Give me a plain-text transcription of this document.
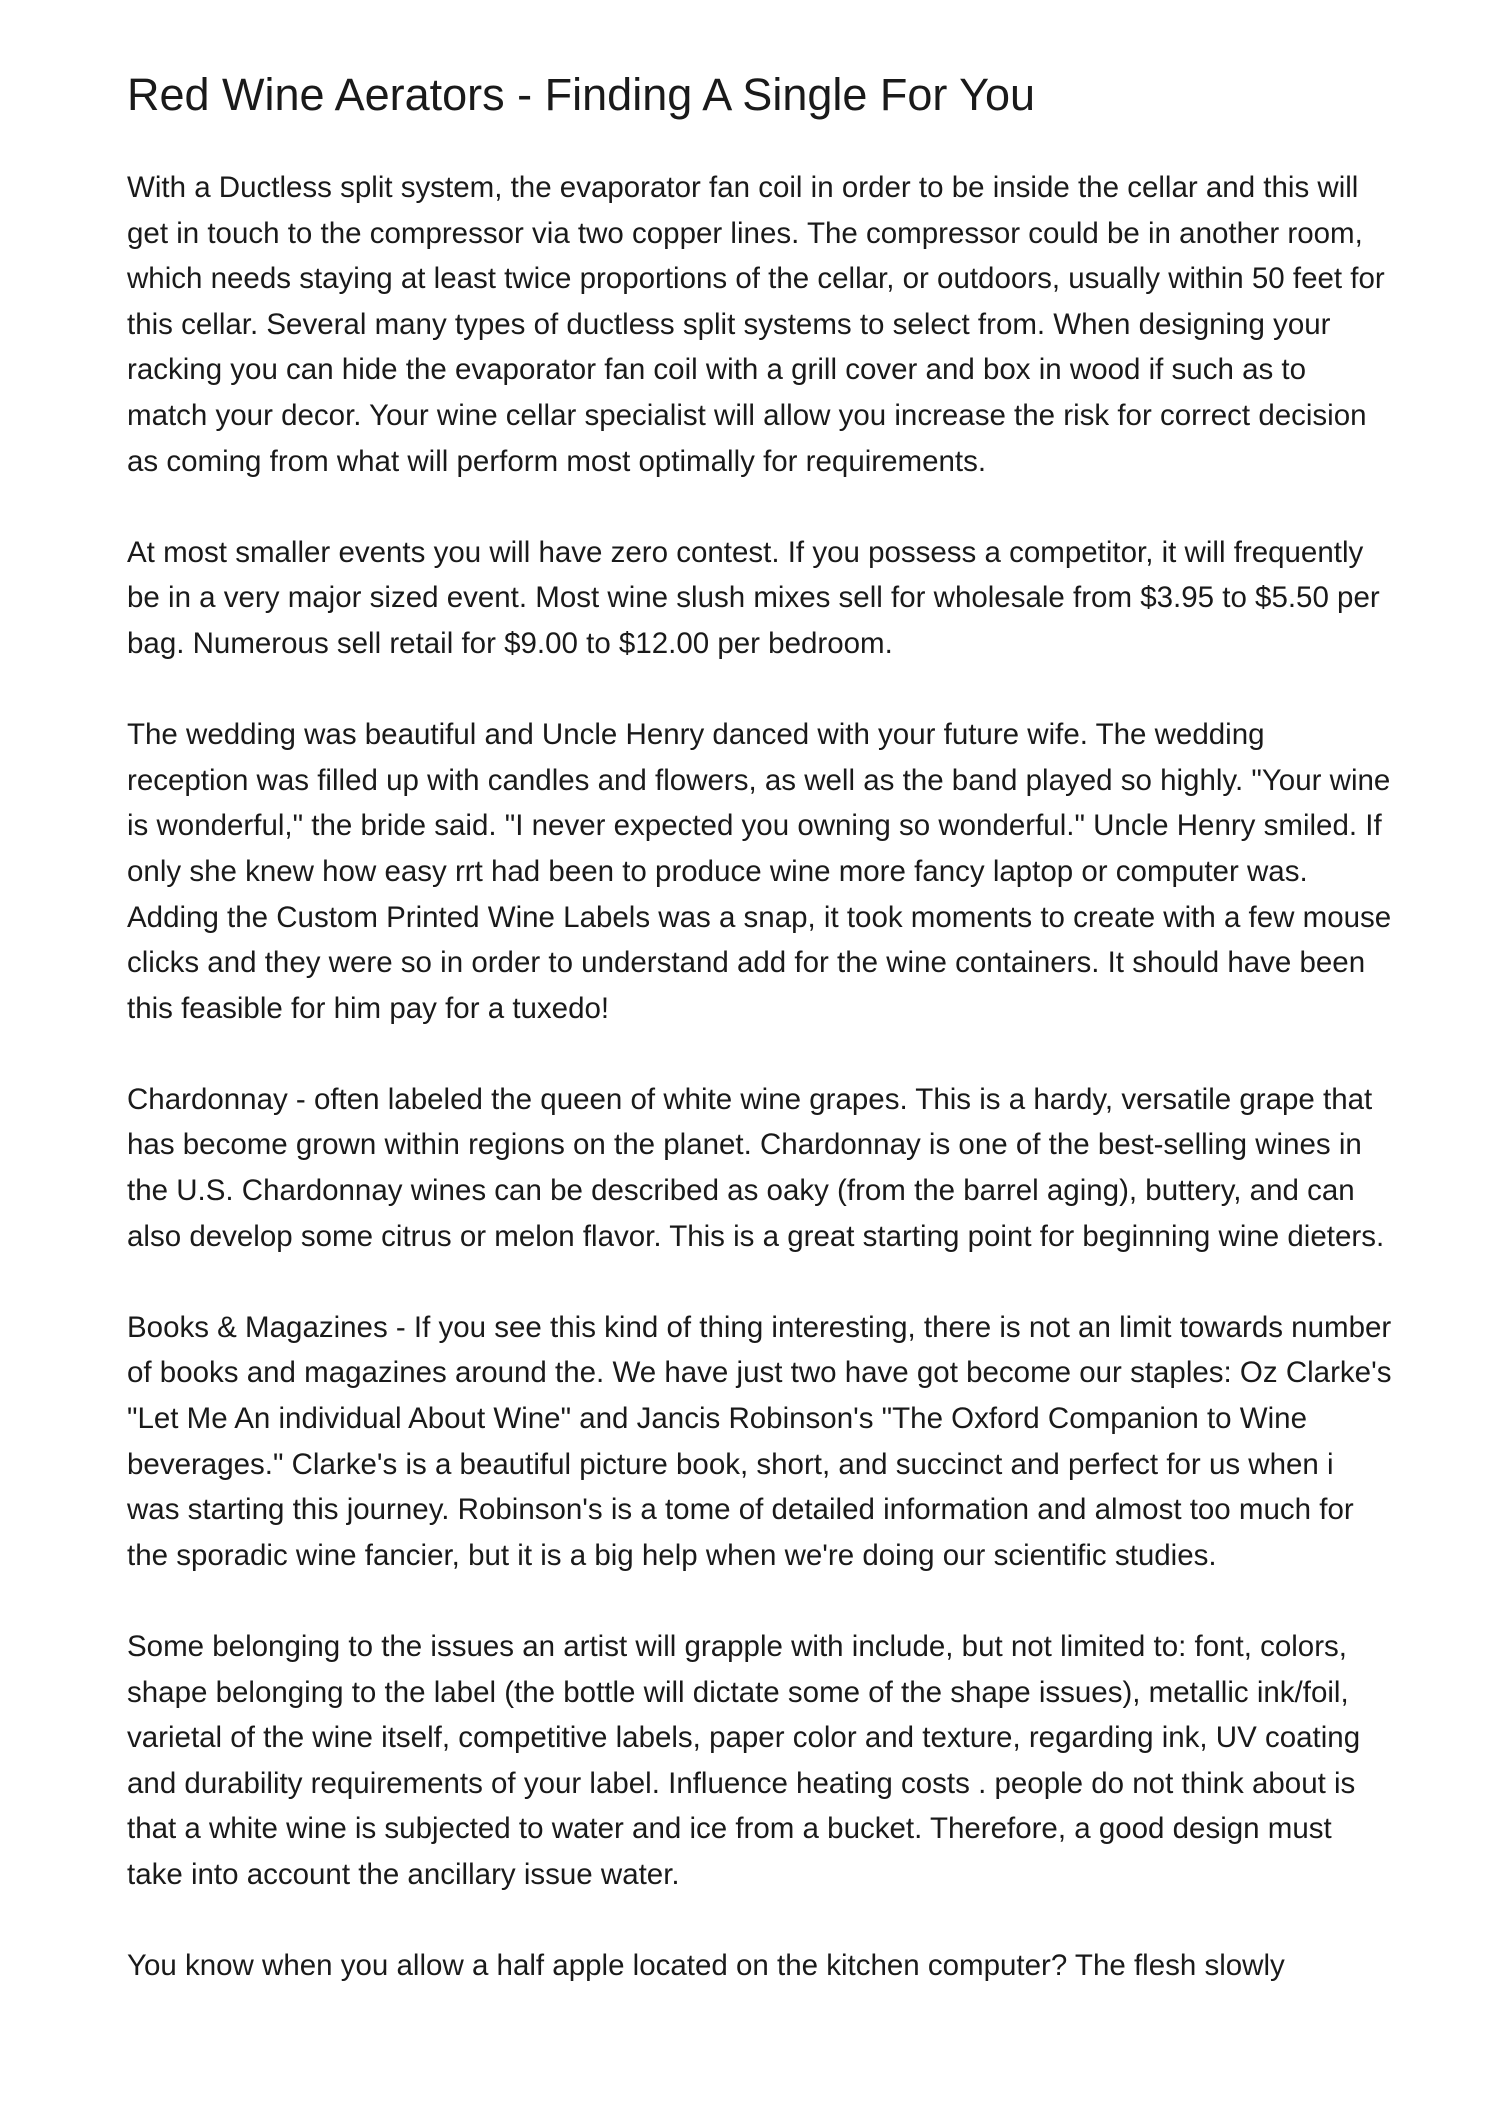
Red Wine Aerators - Finding A Single For You

With a Ductless split system, the evaporator fan coil in order to be inside the cellar and this will get in touch to the compressor via two copper lines. The compressor could be in another room, which needs staying at least twice proportions of the cellar, or outdoors, usually within 50 feet for this cellar. Several many types of ductless split systems to select from. When designing your racking you can hide the evaporator fan coil with a grill cover and box in wood if such as to match your decor. Your wine cellar specialist will allow you increase the risk for correct decision as coming from what will perform most optimally for requirements.

At most smaller events you will have zero contest. If you possess a competitor, it will frequently be in a very major sized event. Most wine slush mixes sell for wholesale from $3.95 to $5.50 per bag. Numerous sell retail for $9.00 to $12.00 per bedroom.

The wedding was beautiful and Uncle Henry danced with your future wife. The wedding reception was filled up with candles and flowers, as well as the band played so highly. "Your wine is wonderful," the bride said. "I never expected you owning so wonderful." Uncle Henry smiled. If only she knew how easy rrt had been to produce wine more fancy laptop or computer was. Adding the Custom Printed Wine Labels was a snap, it took moments to create with a few mouse clicks and they were so in order to understand add for the wine containers. It should have been this feasible for him pay for a tuxedo!

Chardonnay - often labeled the queen of white wine grapes. This is a hardy, versatile grape that has become grown within regions on the planet. Chardonnay is one of the best-selling wines in the U.S. Chardonnay wines can be described as oaky (from the barrel aging), buttery, and can also develop some citrus or melon flavor. This is a great starting point for beginning wine dieters.

Books & Magazines - If you see this kind of thing interesting, there is not an limit towards number of books and magazines around the. We have just two have got become our staples: Oz Clarke's "Let Me An individual About Wine" and Jancis Robinson's "The Oxford Companion to Wine beverages." Clarke's is a beautiful picture book, short, and succinct and perfect for us when i was starting this journey. Robinson's is a tome of detailed information and almost too much for the sporadic wine fancier, but it is a big help when we're doing our scientific studies.

Some belonging to the issues an artist will grapple with include, but not limited to: font, colors, shape belonging to the label (the bottle will dictate some of the shape issues), metallic ink/foil, varietal of the wine itself, competitive labels, paper color and texture, regarding ink, UV coating and durability requirements of your label. Influence heating costs . people do not think about is that a white wine is subjected to water and ice from a bucket. Therefore, a good design must take into account the ancillary issue water.

You know when you allow a half apple located on the kitchen computer? The flesh slowly
